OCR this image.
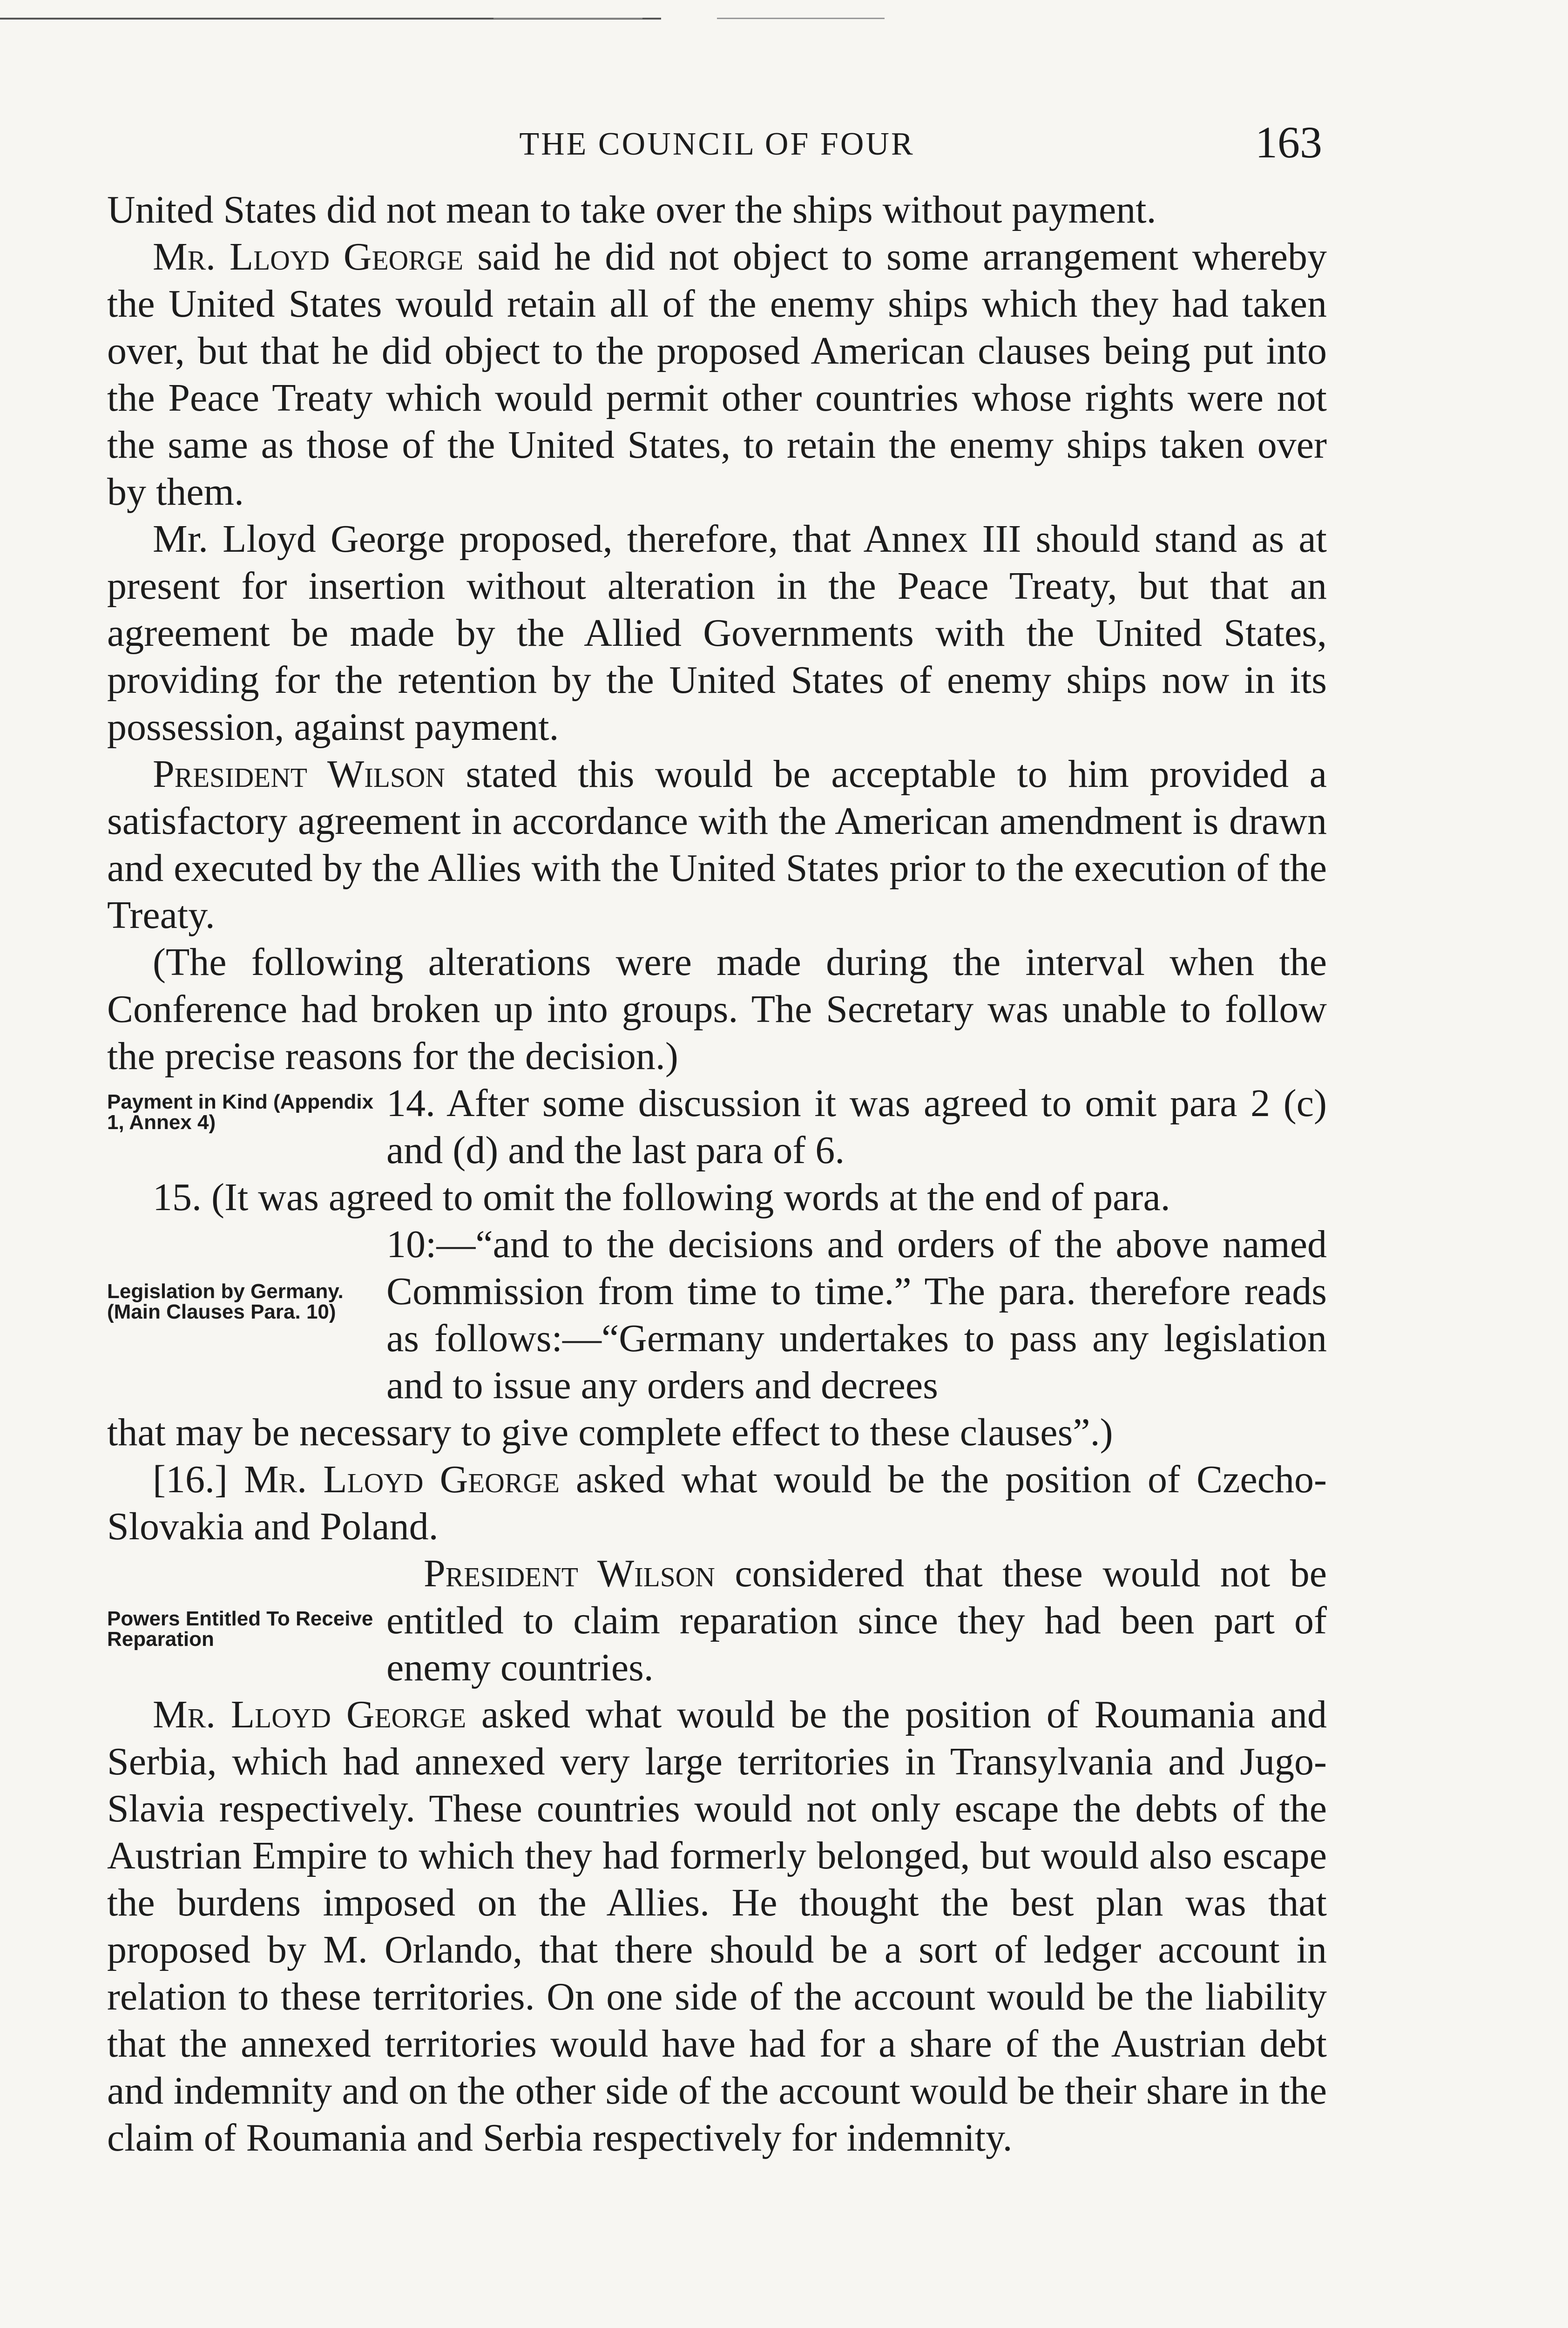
THE COUNCIL OF FOUR	163

United States did not mean to take over the ships without payment.

Mr. Lloyd George said he did not object to some arrangement whereby the United States would retain all of the enemy ships which they had taken over, but that he did object to the proposed American clauses being put into the Peace Treaty which would permit other countries whose rights were not the same as those of the United States, to retain the enemy ships taken over by them.

Mr. Lloyd George proposed, therefore, that Annex III should stand as at present for insertion without alteration in the Peace Treaty, but that an agreement be made by the Allied Governments with the United States, providing for the retention by the United States of enemy ships now in its possession, against payment.

President Wilson stated this would be acceptable to him provided a satisfactory agreement in accordance with the American amendment is drawn and executed by the Allies with the United States prior to the execution of the Treaty.

(The following alterations were made during the interval when the Conference had broken up into groups. The Secretary was unable to follow the precise reasons for the decision.)

Payment in Kind (Appendix 1, Annex 4)	14. After some discussion it was agreed to omit para 2 (c) and (d) and the last para of 6.

15. (It was agreed to omit the following words at the end of para.

Legislation by Germany. (Main Clauses Para. 10)

10:—“and to the decisions and orders of the above named Commission from time to time.” The para. therefore reads as follows:—“Germany undertakes to pass any legislation and to issue any orders and decrees

that may be necessary to give complete effect to these clauses”.)

[16.] Mr. Lloyd George asked what would be the position of Czecho-Slovakia and Poland.

Powers Entitled To Receive Reparation

President Wilson considered that these would not be entitled to claim reparation since they had been part of enemy countries.

Mr. Lloyd George asked what would be the position of Roumania and Serbia, which had annexed very large territories in Transylvania and Jugo-Slavia respectively. These countries would not only escape the debts of the Austrian Empire to which they had formerly belonged, but would also escape the burdens imposed on the Allies. He thought the best plan was that proposed by M. Orlando, that there should be a sort of ledger account in relation to these territories. On one side of the account would be the liability that the annexed territories would have had for a share of the Austrian debt and indemnity and on the other side of the account would be their share in the claim of Roumania and Serbia respectively for indemnity.
